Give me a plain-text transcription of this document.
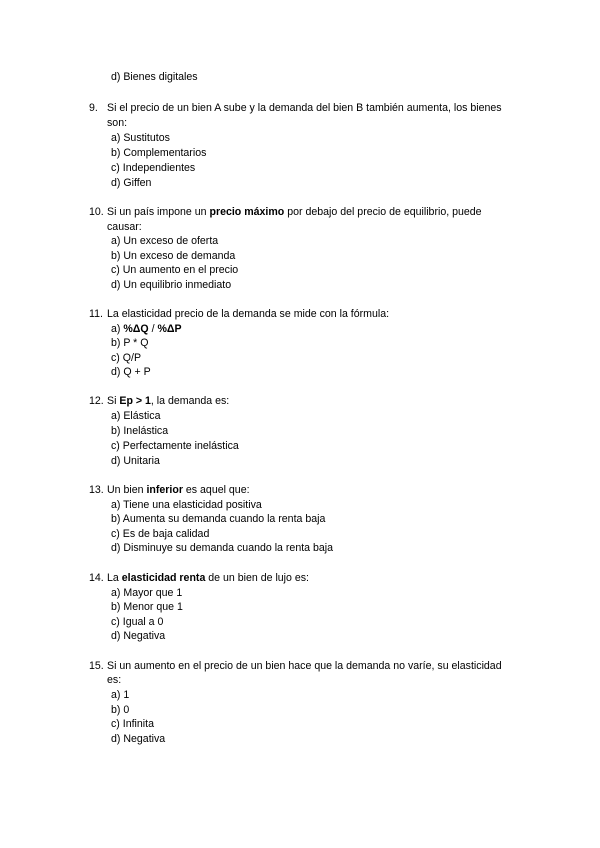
d) Bienes digitales
9. Si el precio de un bien A sube y la demanda del bien B también aumenta, los bienes
son:
a) Sustitutos
b) Complementarios
c) Independientes
d) Giffen
10. Si un país impone un precio máximo por debajo del precio de equilibrio, puede
causar:
a) Un exceso de oferta
b) Un exceso de demanda
c) Un aumento en el precio
d) Un equilibrio inmediato
11. La elasticidad precio de la demanda se mide con la fórmula:
a) %ΔQ / %ΔP
b) P * Q
c) Q/P
d) Q + P
12. Si Ep > 1, la demanda es:
a) Elástica
b) Inelástica
c) Perfectamente inelástica
d) Unitaria
13. Un bien inferior es aquel que:
a) Tiene una elasticidad positiva
b) Aumenta su demanda cuando la renta baja
c) Es de baja calidad
d) Disminuye su demanda cuando la renta baja
14. La elasticidad renta de un bien de lujo es:
a) Mayor que 1
b) Menor que 1
c) Igual a 0
d) Negativa
15. Si un aumento en el precio de un bien hace que la demanda no varíe, su elasticidad
es:
a) 1
b) 0
c) Infinita
d) Negativa
